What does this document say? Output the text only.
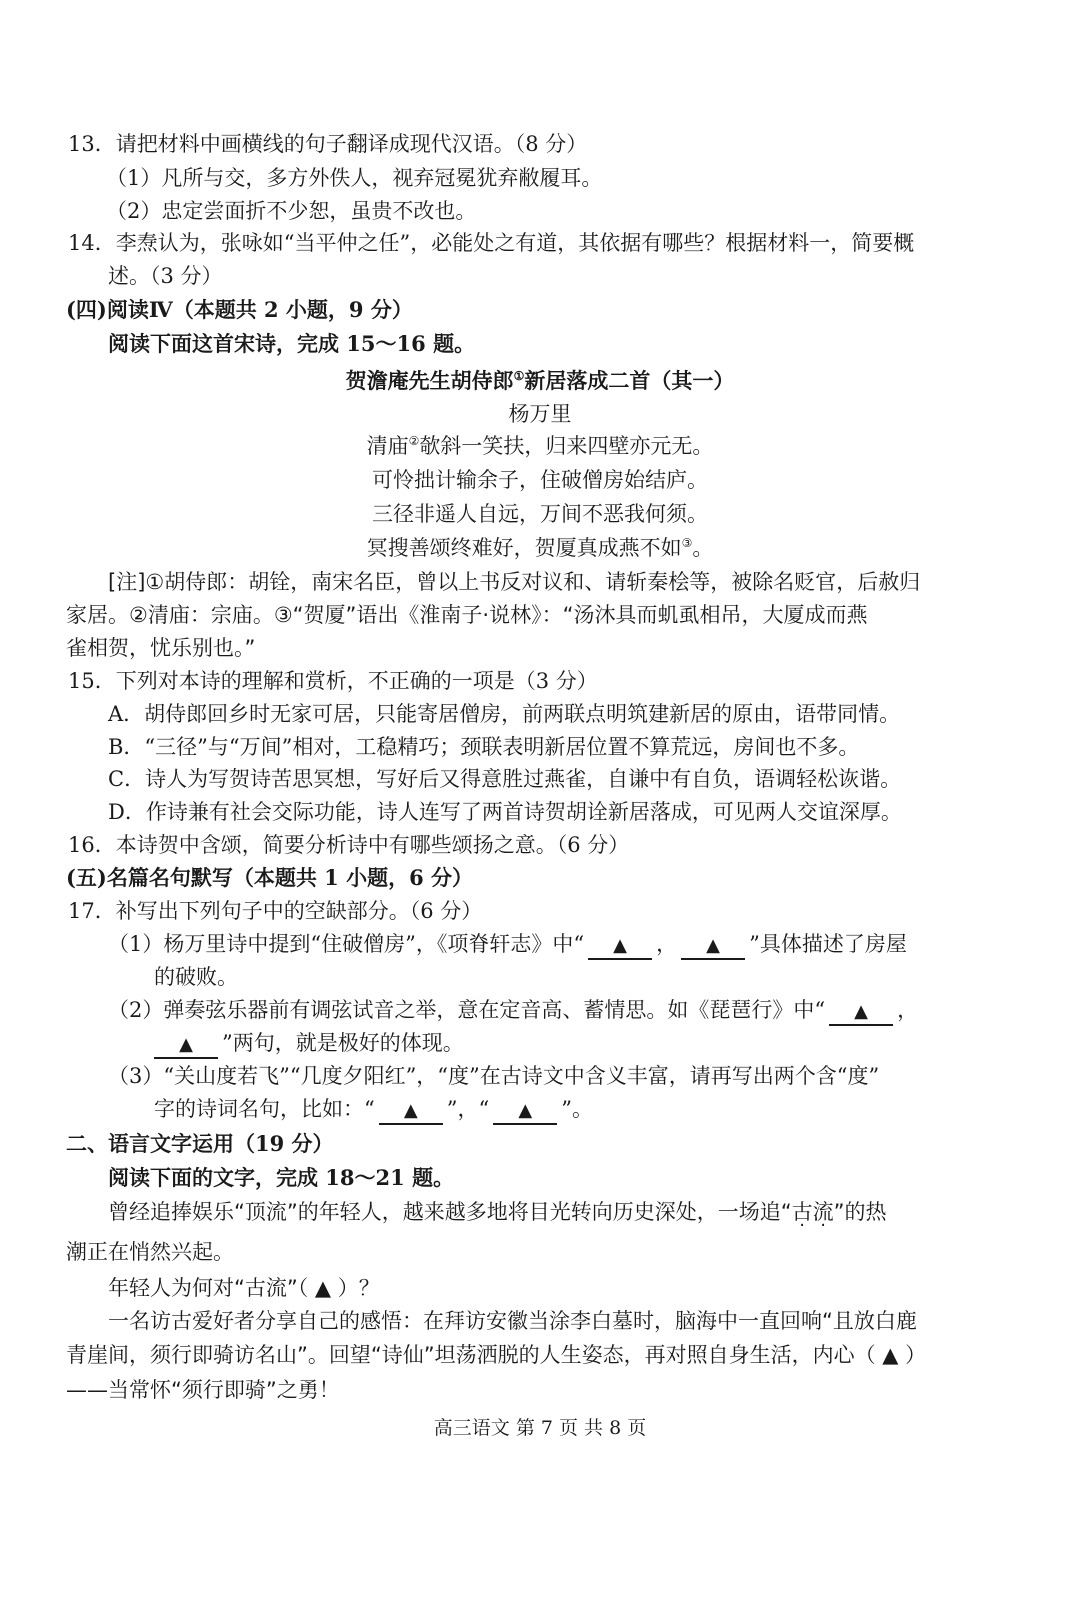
13．请把材料中画横线的句子翻译成现代汉语。（8 分）
（1）凡所与交，多方外佚人，视弃冠冕犹弃敝履耳。
（2）忠定尝面折不少恕，虽贵不改也。
14．李焘认为，张咏如“当平仲之任”，必能处之有道，其依据有哪些？根据材料一，简要概
述。（3 分）
(四)阅读Ⅳ（本题共 2 小题，9 分）
阅读下面这首宋诗，完成 15～16 题。
贺澹庵先生胡侍郎①新居落成二首（其一）
杨万里
清庙②欹斜一笑扶，归来四壁亦元无。
可怜拙计输余子，住破僧房始结庐。
三径非遥人自远，万间不恶我何须。
冥搜善颂终难好，贺厦真成燕不如③。
[注]①胡侍郎：胡铨，南宋名臣，曾以上书反对议和、请斩秦桧等，被除名贬官，后赦归
家居。②清庙：宗庙。③“贺厦”语出《淮南子·说林》：“汤沐具而虮虱相吊，大厦成而燕
雀相贺，忧乐别也。”
15．下列对本诗的理解和赏析，不正确的一项是（3 分）
A．胡侍郎回乡时无家可居，只能寄居僧房，前两联点明筑建新居的原由，语带同情。
B．“三径”与“万间”相对，工稳精巧；颈联表明新居位置不算荒远，房间也不多。
C．诗人为写贺诗苦思冥想，写好后又得意胜过燕雀，自谦中有自负，语调轻松诙谐。
D．作诗兼有社会交际功能，诗人连写了两首诗贺胡诠新居落成，可见两人交谊深厚。
16．本诗贺中含颂，简要分析诗中有哪些颂扬之意。（6 分）
(五)名篇名句默写（本题共 1 小题，6 分）
17．补写出下列句子中的空缺部分。（6 分）
（1）杨万里诗中提到“住破僧房”，《项脊轩志》中“ ▲ ， ▲ ”具体描述了房屋
的破败。
（2）弹奏弦乐器前有调弦试音之举，意在定音高、蓄情思。如《琵琶行》中“ ▲ ，
▲ ”两句，就是极好的体现。
（3）“关山度若飞”“几度夕阳红”，“度”在古诗文中含义丰富，请再写出两个含“度”
字的诗词名句，比如：“ ▲ ”，“ ▲ ”。
二、语言文字运用（19 分）
阅读下面的文字，完成 18～21 题。
曾经追捧娱乐“顶流”的年轻人，越来越多地将目光转向历史深处，一场追“古流”的热
潮正在悄然兴起。
年轻人为何对“古流”（ ▲ ）？
一名访古爱好者分享自己的感悟：在拜访安徽当涂李白墓时，脑海中一直回响“且放白鹿
青崖间，须行即骑访名山”。回望“诗仙”坦荡洒脱的人生姿态，再对照自身生活，内心（ ▲ ）
——当常怀“须行即骑”之勇！
高三语文 第 7 页 共 8 页
